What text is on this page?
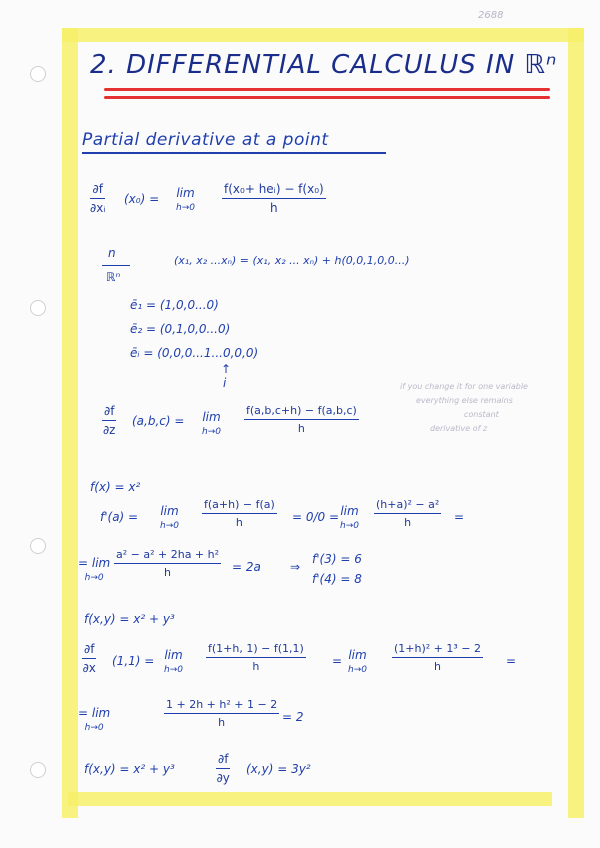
2688
2. DIFFERENTIAL CALCULUS IN ℝⁿ
Partial derivative at a point
$\frac{\partial f}{\text{∂xᵢ}} (x_0) = \lim$
h→0
f(x₀+ heᵢ) − f(x₀)
h
n
ℝⁿ
(x₁, x₂ ...xₙ) = (x₁, x₂ ... xₙ) + h(0,0,1,0,0...)
ē₁ = (1,0,0...0)
ē₂ = (0,1,0,0...0)
ēᵢ = (0,0,0...1...0,0,0)
↑
i
$\frac{\partial f}{\partial z} (a,b,c) = \lim$
$h\to 0 \frac{f(a,b,c+h) - f(a,b,c)}{h}$
if you change it for one variable
everything else remains
constant
derivative of z
f(x) = x²
f'(a) = lim
$h\to 0 \frac{f(a+h) - f(a)}{h} = 0/0 = \lim$
$h\to 0 \frac{\text{(h+a)² − a²}}{h}$ =
= lim
$h\to 0 \frac{\text{a² − a² + 2ha + h²}}{h} = 2a$ ⇒
f'(3) = 6
f'(4) = 8
f(x,y) = x² + y³
$\frac{\partial f}{\partial x} (1,1) = \lim$
$h\to 0 \frac{f(1+h, 1) - f(1,1)}{h} = \lim$
$h\to 0 \frac{\text{(1+h)² + 1³ − 2}}{h}$ =
= lim
h→0	$\frac{\text{1 + 2h + h² + 1 − 2}}{h} = 2$
f(x,y) = x² + y³	$\frac{\partial f}{\partial y} (x,y) = 3y^2$
